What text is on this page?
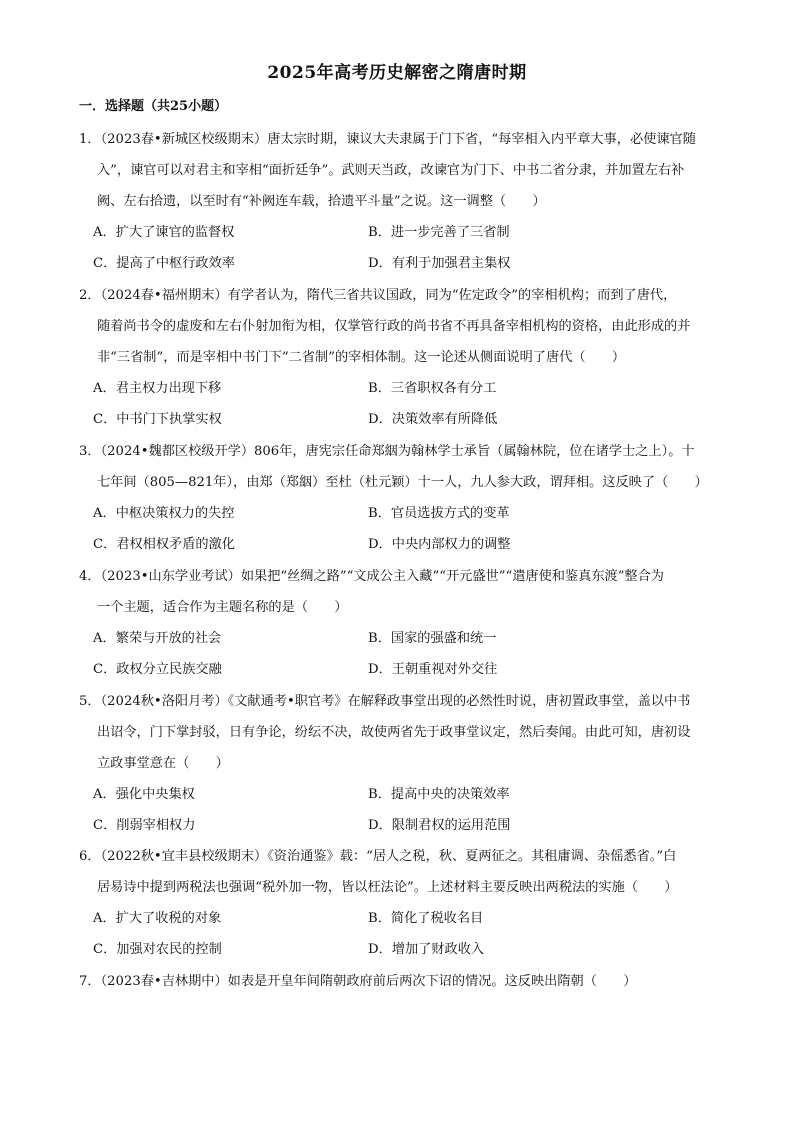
2025年高考历史解密之隋唐时期
一．选择题（共25小题）
1．（2023春•新城区校级期末）唐太宗时期，谏议大夫隶属于门下省，“每宰相入内平章大事，必使谏官随
入”，谏官可以对君主和宰相“面折廷争”。武则天当政，改谏官为门下、中书二省分隶，并加置左右补
阙、左右拾遗，以至时有“补阙连车载，拾遗平斗量”之说。这一调整（　　）
A．扩大了谏官的监督权	B．进一步完善了三省制
C．提高了中枢行政效率	D．有利于加强君主集权
2．（2024春•福州期末）有学者认为，隋代三省共议国政，同为“佐定政令”的宰相机构；而到了唐代，
随着尚书令的虚废和左右仆射加衔为相，仅掌管行政的尚书省不再具备宰相机构的资格，由此形成的并
非“三省制”，而是宰相中书门下“二省制”的宰相体制。这一论述从侧面说明了唐代（　　）
A．君主权力出现下移	B．三省职权各有分工
C．中书门下执掌实权	D．决策效率有所降低
3．（2024•魏都区校级开学）806年，唐宪宗任命郑絪为翰林学士承旨（属翰林院，位在诸学士之上）。十
七年间（805—821年），由郑（郑絪）至杜（杜元颖）十一人，九人参大政，谓拜相。这反映了（　　）
A．中枢决策权力的失控	B．官员选拔方式的变革
C．君权相权矛盾的激化	D．中央内部权力的调整
4．（2023•山东学业考试）如果把“丝绸之路”“文成公主入藏”“开元盛世”“遣唐使和鉴真东渡”整合为
一个主题，适合作为主题名称的是（　　）
A．繁荣与开放的社会	B．国家的强盛和统一
C．政权分立民族交融	D．王朝重视对外交往
5．（2024秋•洛阳月考）《文献通考•职官考》在解释政事堂出现的必然性时说，唐初置政事堂，盖以中书
出诏令，门下掌封驳，日有争论，纷纭不决，故使两省先于政事堂议定，然后奏闻。由此可知，唐初设
立政事堂意在（　　）
A．强化中央集权	B．提高中央的决策效率
C．削弱宰相权力	D．限制君权的运用范围
6．（2022秋•宜丰县校级期末）《资治通鉴》载：“居人之税，秋、夏两征之。其租庸调、杂傜悉省。”白
居易诗中提到两税法也强调“税外加一物，皆以枉法论”。上述材料主要反映出两税法的实施（　　）
A．扩大了收税的对象	B．简化了税收名目
C．加强对农民的控制	D．增加了财政收入
7．（2023春•吉林期中）如表是开皇年间隋朝政府前后两次下诏的情况。这反映出隋朝（　　）
